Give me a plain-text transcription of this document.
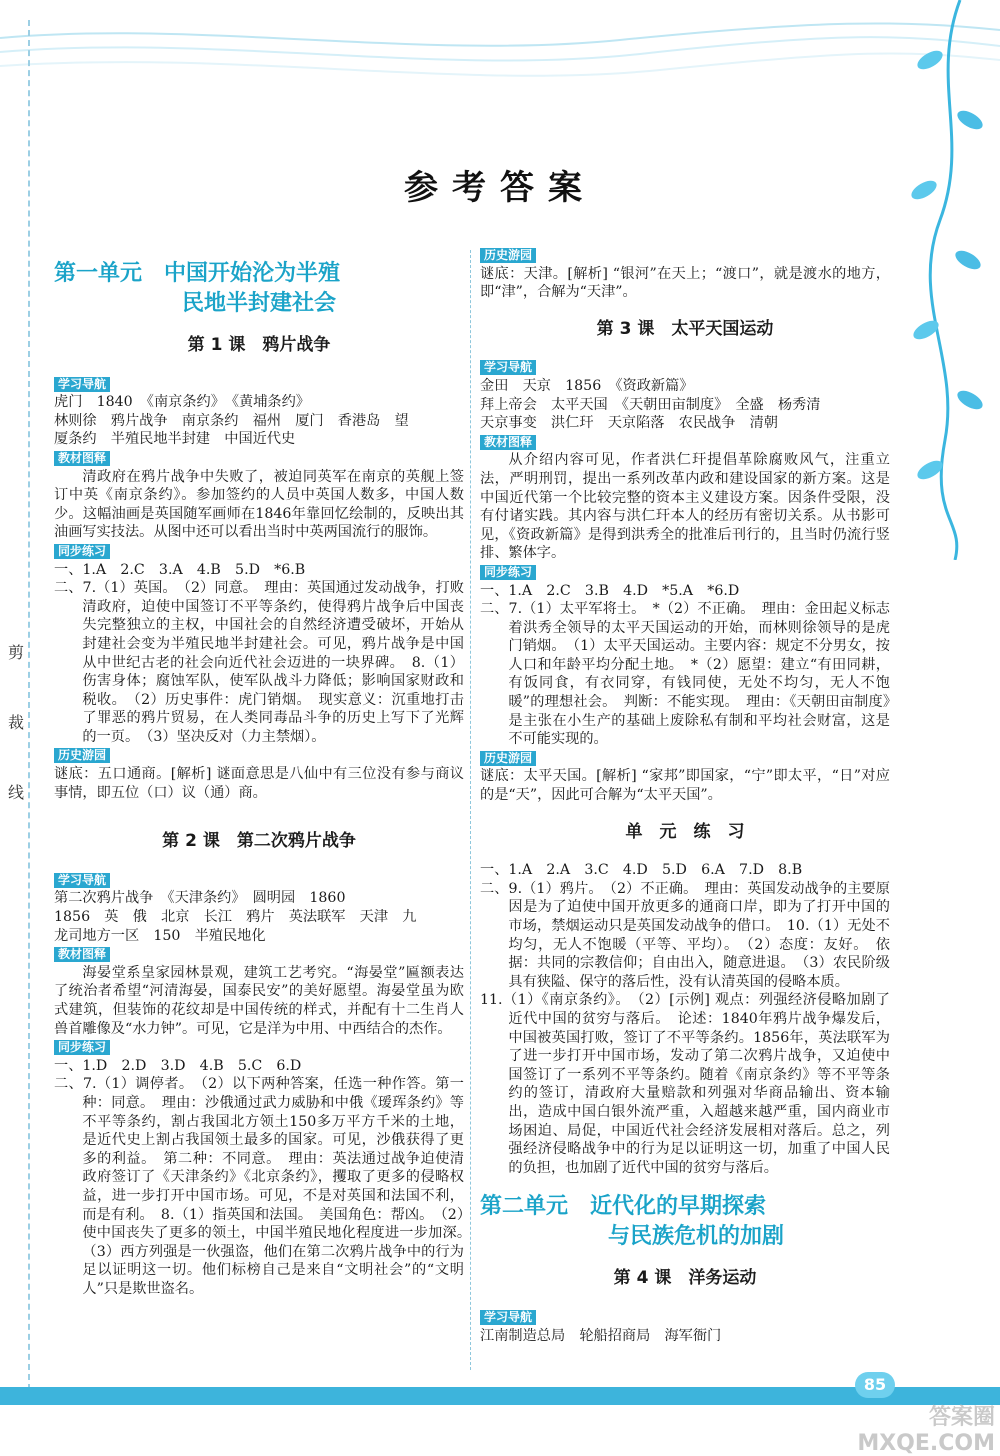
剪
裁
线
参考答案
第一单元　中国开始沦为半殖
民地半封建社会
第 1 课　鸦片战争
学习导航

虎门　1840　《南京条约》　《黄埔条约》

林则徐　鸦片战争　南京条约　福州　厦门　香港岛　望

厦条约　半殖民地半封建　中国近代史

教材图释

清政府在鸦片战争中失败了，被迫同英军在南京的英舰上签订中英《南京条约》。参加签约的人员中英国人数多，中国人数少。这幅油画是英国随军画师在1846年靠回忆绘制的，反映出其油画写实技法。从图中还可以看出当时中英两国流行的服饰。

同步练习

一、1.A　2.C　3.A　4.B　5.D　*6.B

二、7.（1）英国。　（2）同意。　理由：英国通过发动战争，打败清政府，迫使中国签订不平等条约，使得鸦片战争后中国丧失完整独立的主权，中国社会的自然经济遭受破坏，开始从封建社会变为半殖民地半封建社会。可见，鸦片战争是中国从中世纪古老的社会向近代社会迈进的一块界碑。　8.（1）伤害身体；腐蚀军队，使军队战斗力降低；影响国家财政和税收。　（2）历史事件：虎门销烟。　现实意义：沉重地打击了罪恶的鸦片贸易，在人类同毒品斗争的历史上写下了光辉的一页。　（3）坚决反对（力主禁烟）。

历史游园

谜底：五口通商。[解析] 谜面意思是八仙中有三位没有参与商议事情，即五位（口）议（通）商。

第 2 课　第二次鸦片战争
学习导航

第二次鸦片战争　《天津条约》　圆明园　1860

1856　英　俄　北京　长江　鸦片　英法联军　天津　九

龙司地方一区　150　半殖民地化

教材图释

海晏堂系皇家园林景观，建筑工艺考究。“海晏堂”匾额表达了统治者希望“河清海晏，国泰民安”的美好愿望。海晏堂虽为欧式建筑，但装饰的花纹却是中国传统的样式，并配有十二生肖人兽首雕像及“水力钟”。可见，它是洋为中用、中西结合的杰作。

同步练习

一、1.D　2.D　3.D　4.B　5.C　6.D

二、7.（1）调停者。　（2）以下两种答案，任选一种作答。第一种：同意。　理由：沙俄通过武力威胁和中俄《瑷珲条约》等不平等条约，割占我国北方领土150多万平方千米的土地，是近代史上割占我国领土最多的国家。可见，沙俄获得了更多的利益。　第二种：不同意。　理由：英法通过战争迫使清政府签订了《天津条约》《北京条约》，攫取了更多的侵略权益，进一步打开中国市场。可见，不是对英国和法国不利，而是有利。　8.（1）指英国和法国。　美国角色：帮凶。　（2）使中国丧失了更多的领土，中国半殖民地化程度进一步加深。　（3）西方列强是一伙强盗，他们在第二次鸦片战争中的行为足以证明这一切。他们标榜自己是来自“文明社会”的“文明人”只是欺世盗名。

历史游园

谜底：天津。[解析] “银河”在天上；“渡口”，就是渡水的地方，即“津”，合解为“天津”。

第 3 课　太平天国运动
学习导航

金田　天京　1856　《资政新篇》

拜上帝会　太平天国　《天朝田亩制度》　全盛　杨秀清

天京事变　洪仁玕　天京陷落　农民战争　清朝

教材图释

从介绍内容可见，作者洪仁玕提倡革除腐败风气，注重立法，严明刑罚，提出一系列改革内政和建设国家的新方案。这是中国近代第一个比较完整的资本主义建设方案。因条件受限，没有付诸实践。其内容与洪仁玕本人的经历有密切关系。从书影可见，《资政新篇》是得到洪秀全的批准后刊行的，且当时仍流行竖排、繁体字。

同步练习

一、1.A　2.C　3.B　4.D　*5.A　*6.D

二、7.（1）太平军将士。　*（2）不正确。　理由：金田起义标志着洪秀全领导的太平天国运动的开始，而林则徐领导的是虎门销烟。　（1）太平天国运动。主要内容：规定不分男女，按人口和年龄平均分配土地。　*（2）愿望：建立“有田同耕，有饭同食，有衣同穿，有钱同使，无处不均匀，无人不饱暖”的理想社会。　判断：不能实现。　理由：《天朝田亩制度》是主张在小生产的基础上废除私有制和平均社会财富，这是不可能实现的。

历史游园

谜底：太平天国。[解析] “家邦”即国家，“宁”即太平，“日”对应的是“天”，因此可合解为“太平天国”。

单　元　练　习

一、1.A　2.A　3.C　4.D　5.D　6.A　7.D　8.B

二、9.（1）鸦片。　（2）不正确。　理由：英国发动战争的主要原因是为了迫使中国开放更多的通商口岸，即为了打开中国的市场，禁烟运动只是英国发动战争的借口。　10.（1）无处不均匀，无人不饱暖（平等、平均）。　（2）态度：友好。　依据：共同的宗教信仰；自由出入，随意进退。　（3）农民阶级具有狭隘、保守的落后性，没有认清英国的侵略本质。

11.（1）《南京条约》。　（2）[示例] 观点：列强经济侵略加剧了近代中国的贫穷与落后。　论述：1840年鸦片战争爆发后，中国被英国打败，签订了不平等条约。1856年，英法联军为了进一步打开中国市场，发动了第二次鸦片战争，又迫使中国签订了一系列不平等条约。随着《南京条约》等不平等条约的签订，清政府大量赔款和列强对华商品输出、资本输出，造成中国白银外流严重，入超越来越严重，国内商业市场困迫、局促，中国近代社会经济发展相对落后。总之，列强经济侵略战争中的行为足以证明这一切，加重了中国人民的负担，也加剧了近代中国的贫穷与落后。

第二单元　近代化的早期探索
与民族危机的加剧
第 4 课　洋务运动
学习导航

江南制造总局　轮船招商局　海军衙门

85
答案圈 MXQE.COM
